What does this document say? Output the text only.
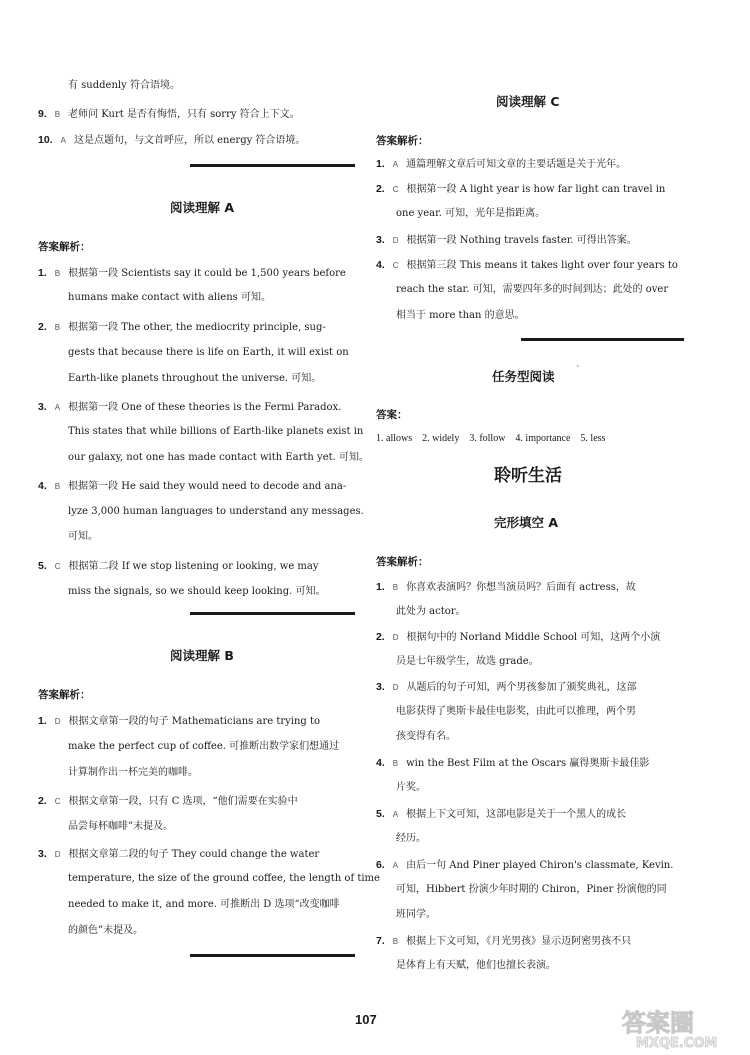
有 suddenly 符合语境。
9. B 老师问 Kurt 是否有悔悟，只有 sorry 符合上下文。
10. A 这是点题句，与文首呼应，所以 energy 符合语境。
阅读理解 A
答案解析：
1. B 根据第一段 Scientists say it could be 1,500 years before
humans make contact with aliens 可知。
2. B 根据第一段 The other, the mediocrity principle, sug-
gests that because there is life on Earth, it will exist on
Earth-like planets throughout the universe. 可知。
3. A 根据第一段 One of these theories is the Fermi Paradox.
This states that while billions of Earth-like planets exist in
our galaxy, not one has made contact with Earth yet. 可知。
4. B 根据第一段 He said they would need to decode and ana-
lyze 3,000 human languages to understand any messages.
可知。
5. C 根据第二段 If we stop listening or looking, we may
miss the signals, so we should keep looking. 可知。
阅读理解 B
答案解析：
1. D 根据文章第一段的句子 Mathematicians are trying to
make the perfect cup of coffee. 可推断出数学家们想通过
计算制作出一杯完美的咖啡。
2. C 根据文章第一段，只有 C 选项，“他们需要在实验中
品尝每杯咖啡”未提及。
3. D 根据文章第二段的句子 They could change the water
temperature, the size of the ground coffee, the length of time
needed to make it, and more. 可推断出 D 选项“改变咖啡
的颜色”未提及。
阅读理解 C
答案解析：
1. A 通篇理解文章后可知文章的主要话题是关于光年。
2. C 根据第一段 A light year is how far light can travel in
one year. 可知，光年是指距离。
3. D 根据第一段 Nothing travels faster. 可得出答案。
4. C 根据第三段 This means it takes light over four years to
reach the star. 可知，需要四年多的时间到达；此处的 over
相当于 more than 的意思。
任务型阅读 `
答案：
1. allows　2. widely　3. follow　4. importance　5. less
聆听生活
完形填空 A
答案解析：
1. B 你喜欢表演吗？你想当演员吗？后面有 actress，故
此处为 actor。
2. D 根据句中的 Norland Middle School 可知，这两个小演
员是七年级学生，故选 grade。
3. D 从题后的句子可知，两个男孩参加了颁奖典礼，这部
电影获得了奥斯卡最佳电影奖，由此可以推理，两个男
孩变得有名。
4. B win the Best Film at the Oscars 赢得奥斯卡最佳影
片奖。
5. A 根据上下文可知，这部电影是关于一个黑人的成长
经历。
6. A 由后一句 And Piner played Chiron's classmate, Kevin.
可知，Hibbert 扮演少年时期的 Chiron，Piner 扮演他的同
班同学。
7. B 根据上下文可知，《月光男孩》显示迈阿密男孩不只
是体育上有天赋，他们也擅长表演。
107	答案圈
MXQE.COM
